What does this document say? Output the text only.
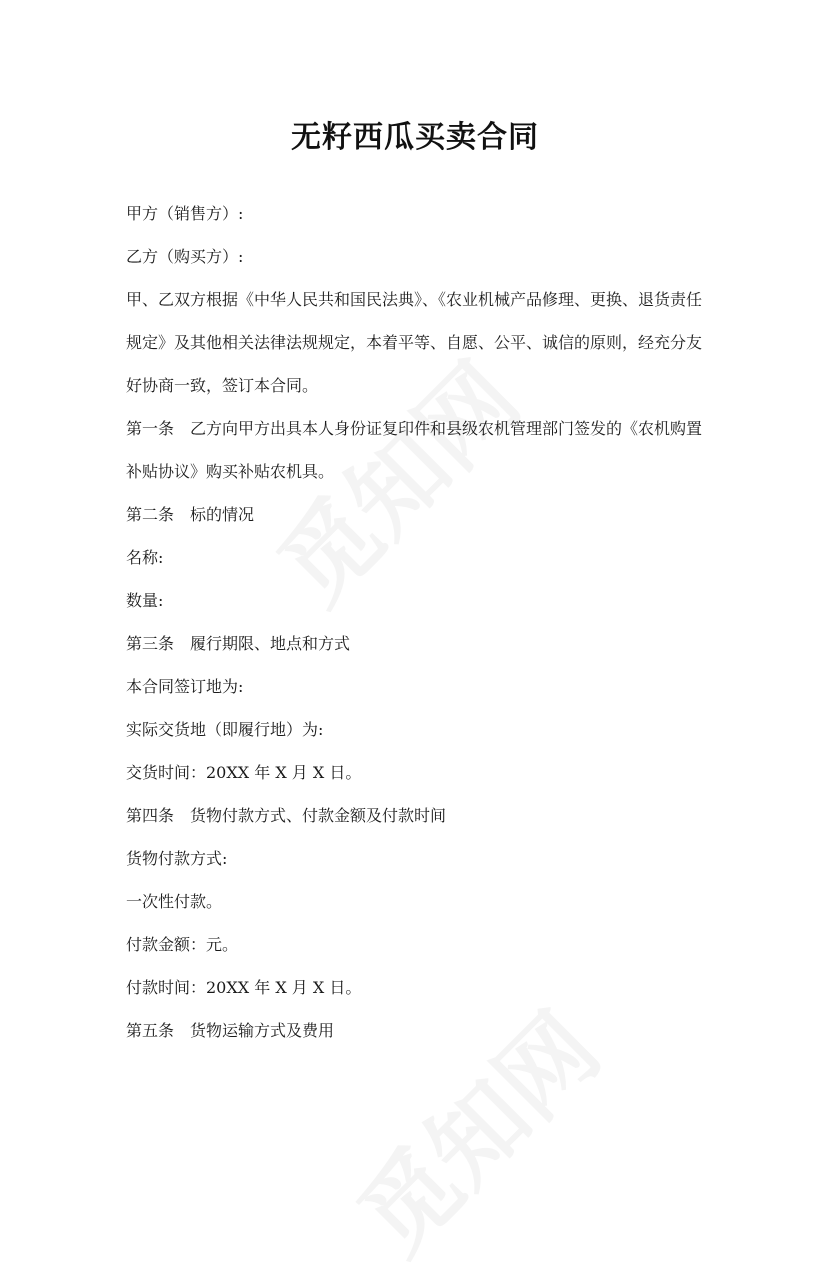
无籽西瓜买卖合同

甲方（销售方）:

乙方（购买方）:

甲、乙双方根据《中华人民共和国民法典》、《农业机械产品修理、更换、退货责任规定》及其他相关法律法规规定，本着平等、自愿、公平、诚信的原则，经充分友好协商一致，签订本合同。

第一条　乙方向甲方出具本人身份证复印件和县级农机管理部门签发的《农机购置补贴协议》购买补贴农机具。

第二条　标的情况

名称:

数量:

第三条　履行期限、地点和方式

本合同签订地为:

实际交货地（即履行地）为:

交货时间：20XX 年 X 月 X 日。

第四条　货物付款方式、付款金额及付款时间

货物付款方式:

一次性付款。

付款金额：元。

付款时间：20XX 年 X 月 X 日。

第五条　货物运输方式及费用
